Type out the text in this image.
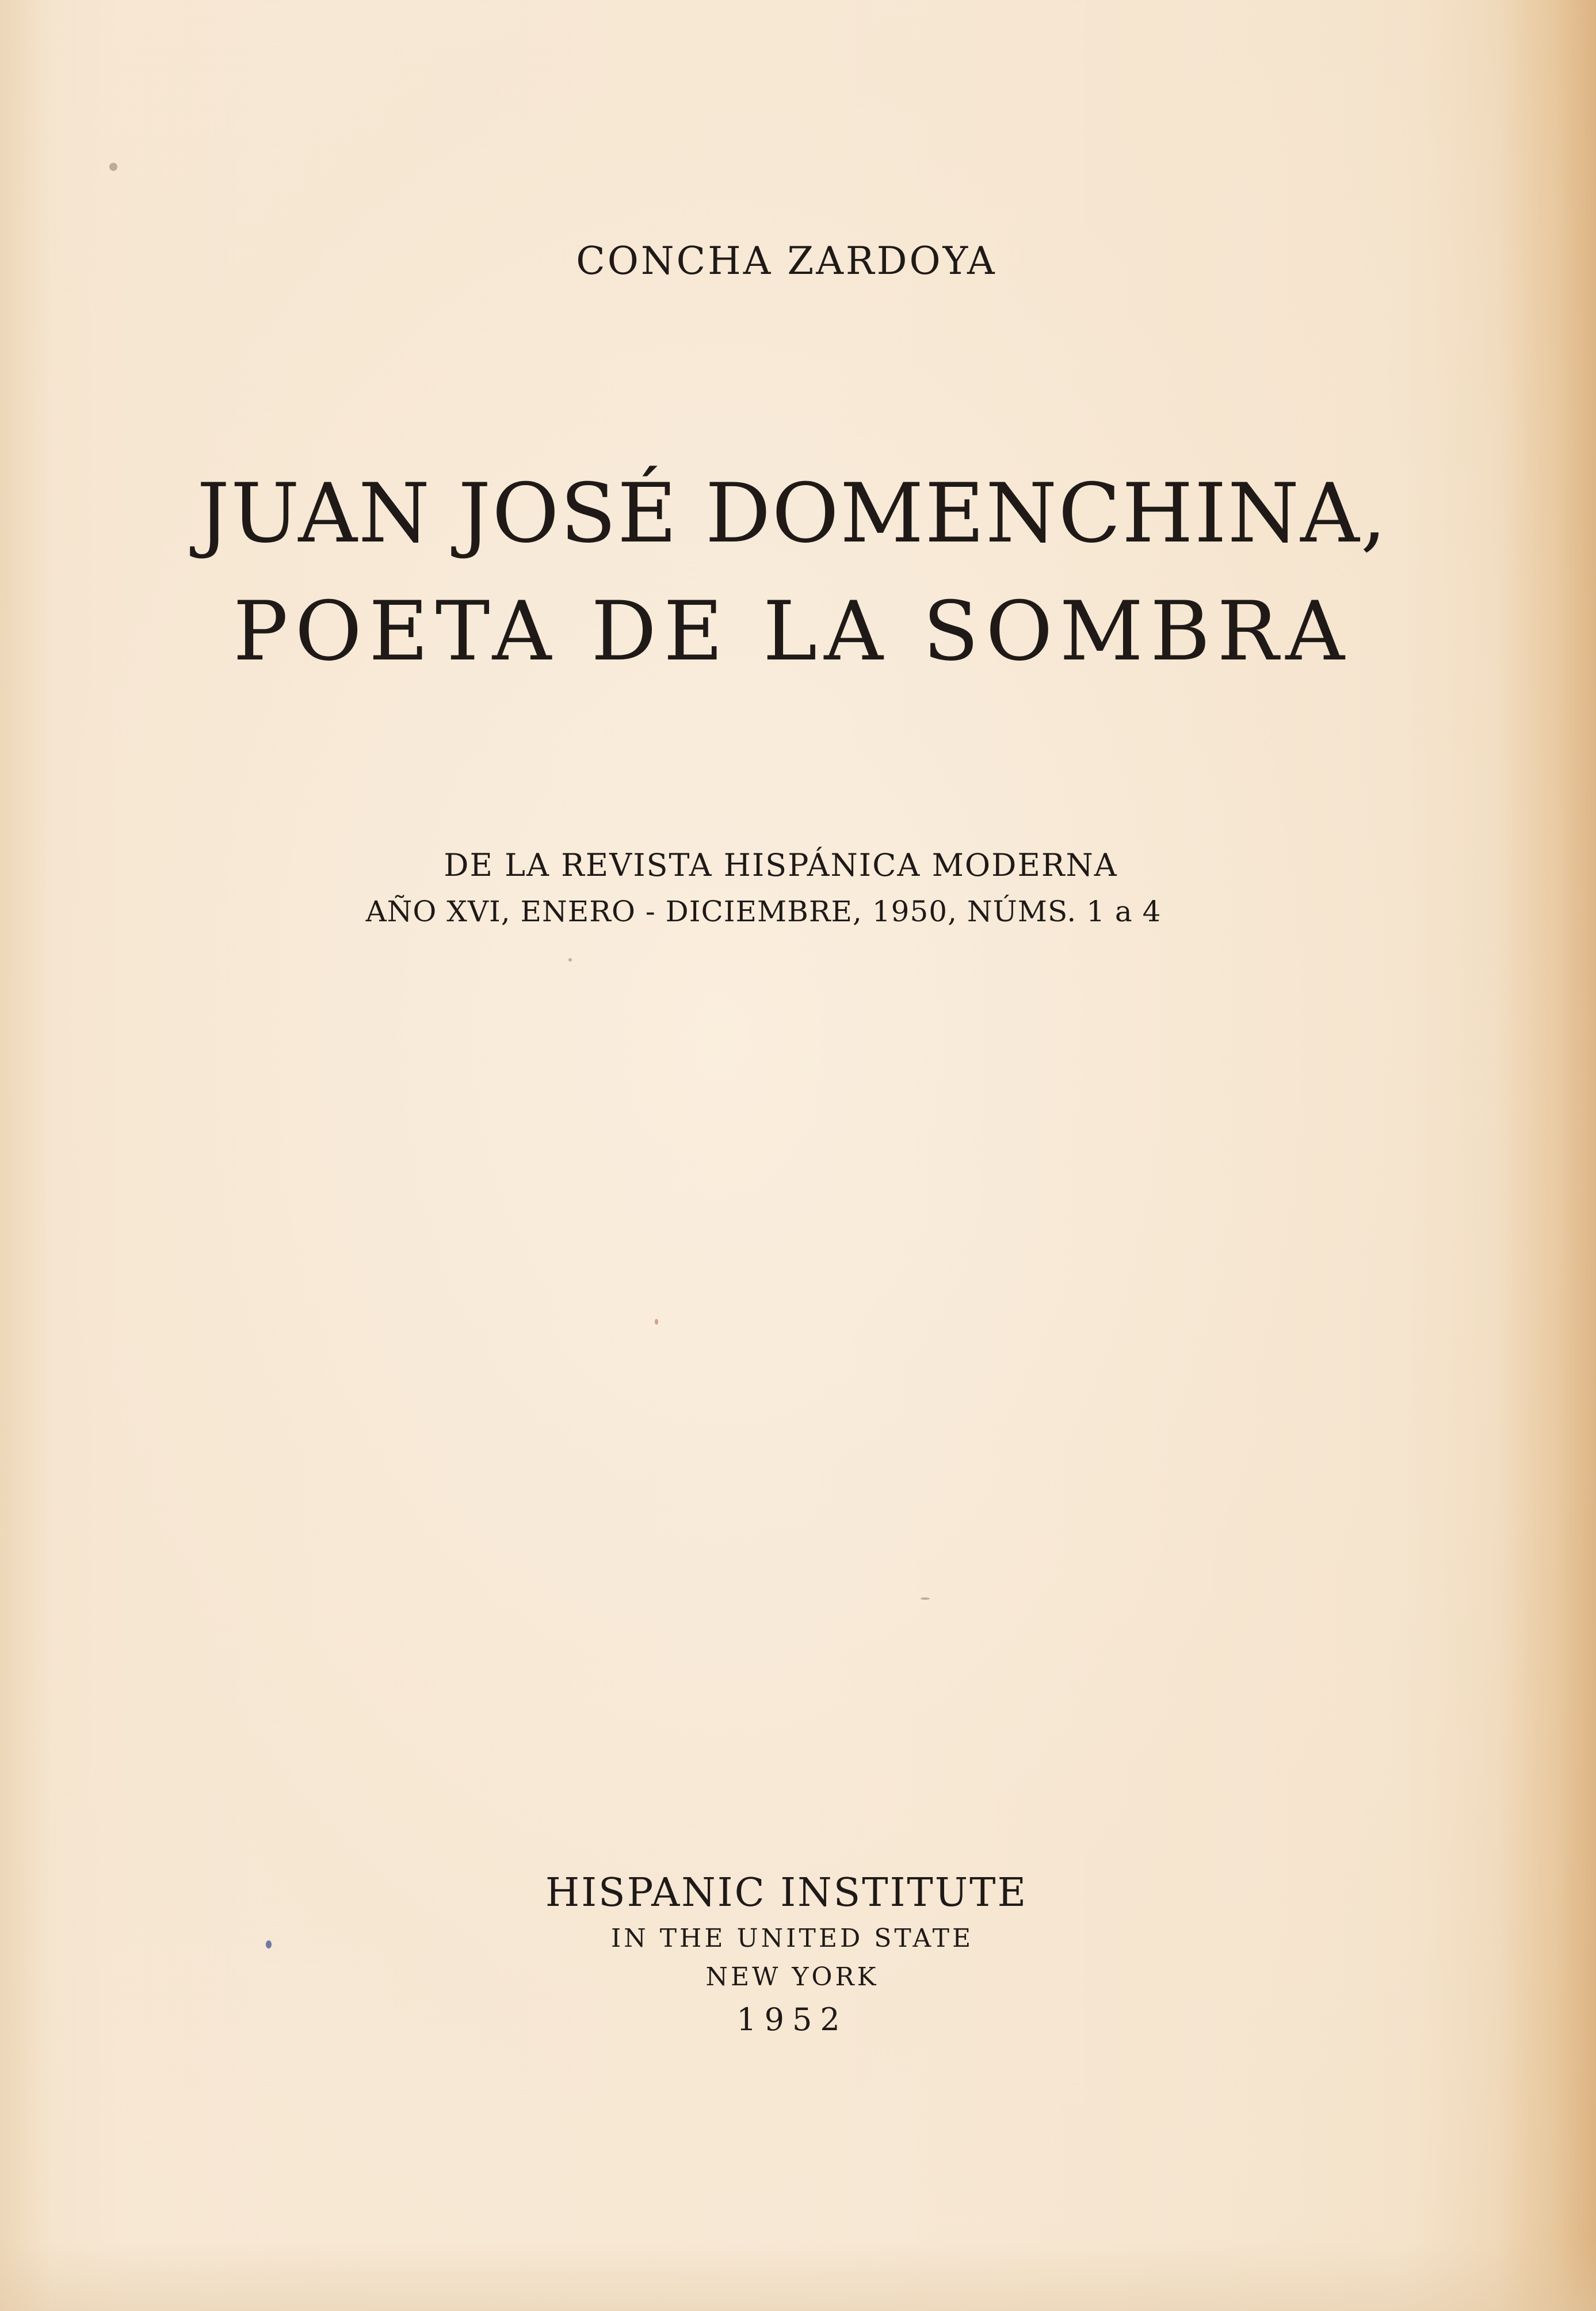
CONCHA ZARDOYA

JUAN JOSÉ DOMENCHINA,
POETA DE LA SOMBRA

DE LA REVISTA HISPÁNICA MODERNA

AÑO XVI, ENERO - DICIEMBRE, 1950, NÚMS. 1 a 4

HISPANIC INSTITUTE

IN THE UNITED STATE

NEW YORK

1952
